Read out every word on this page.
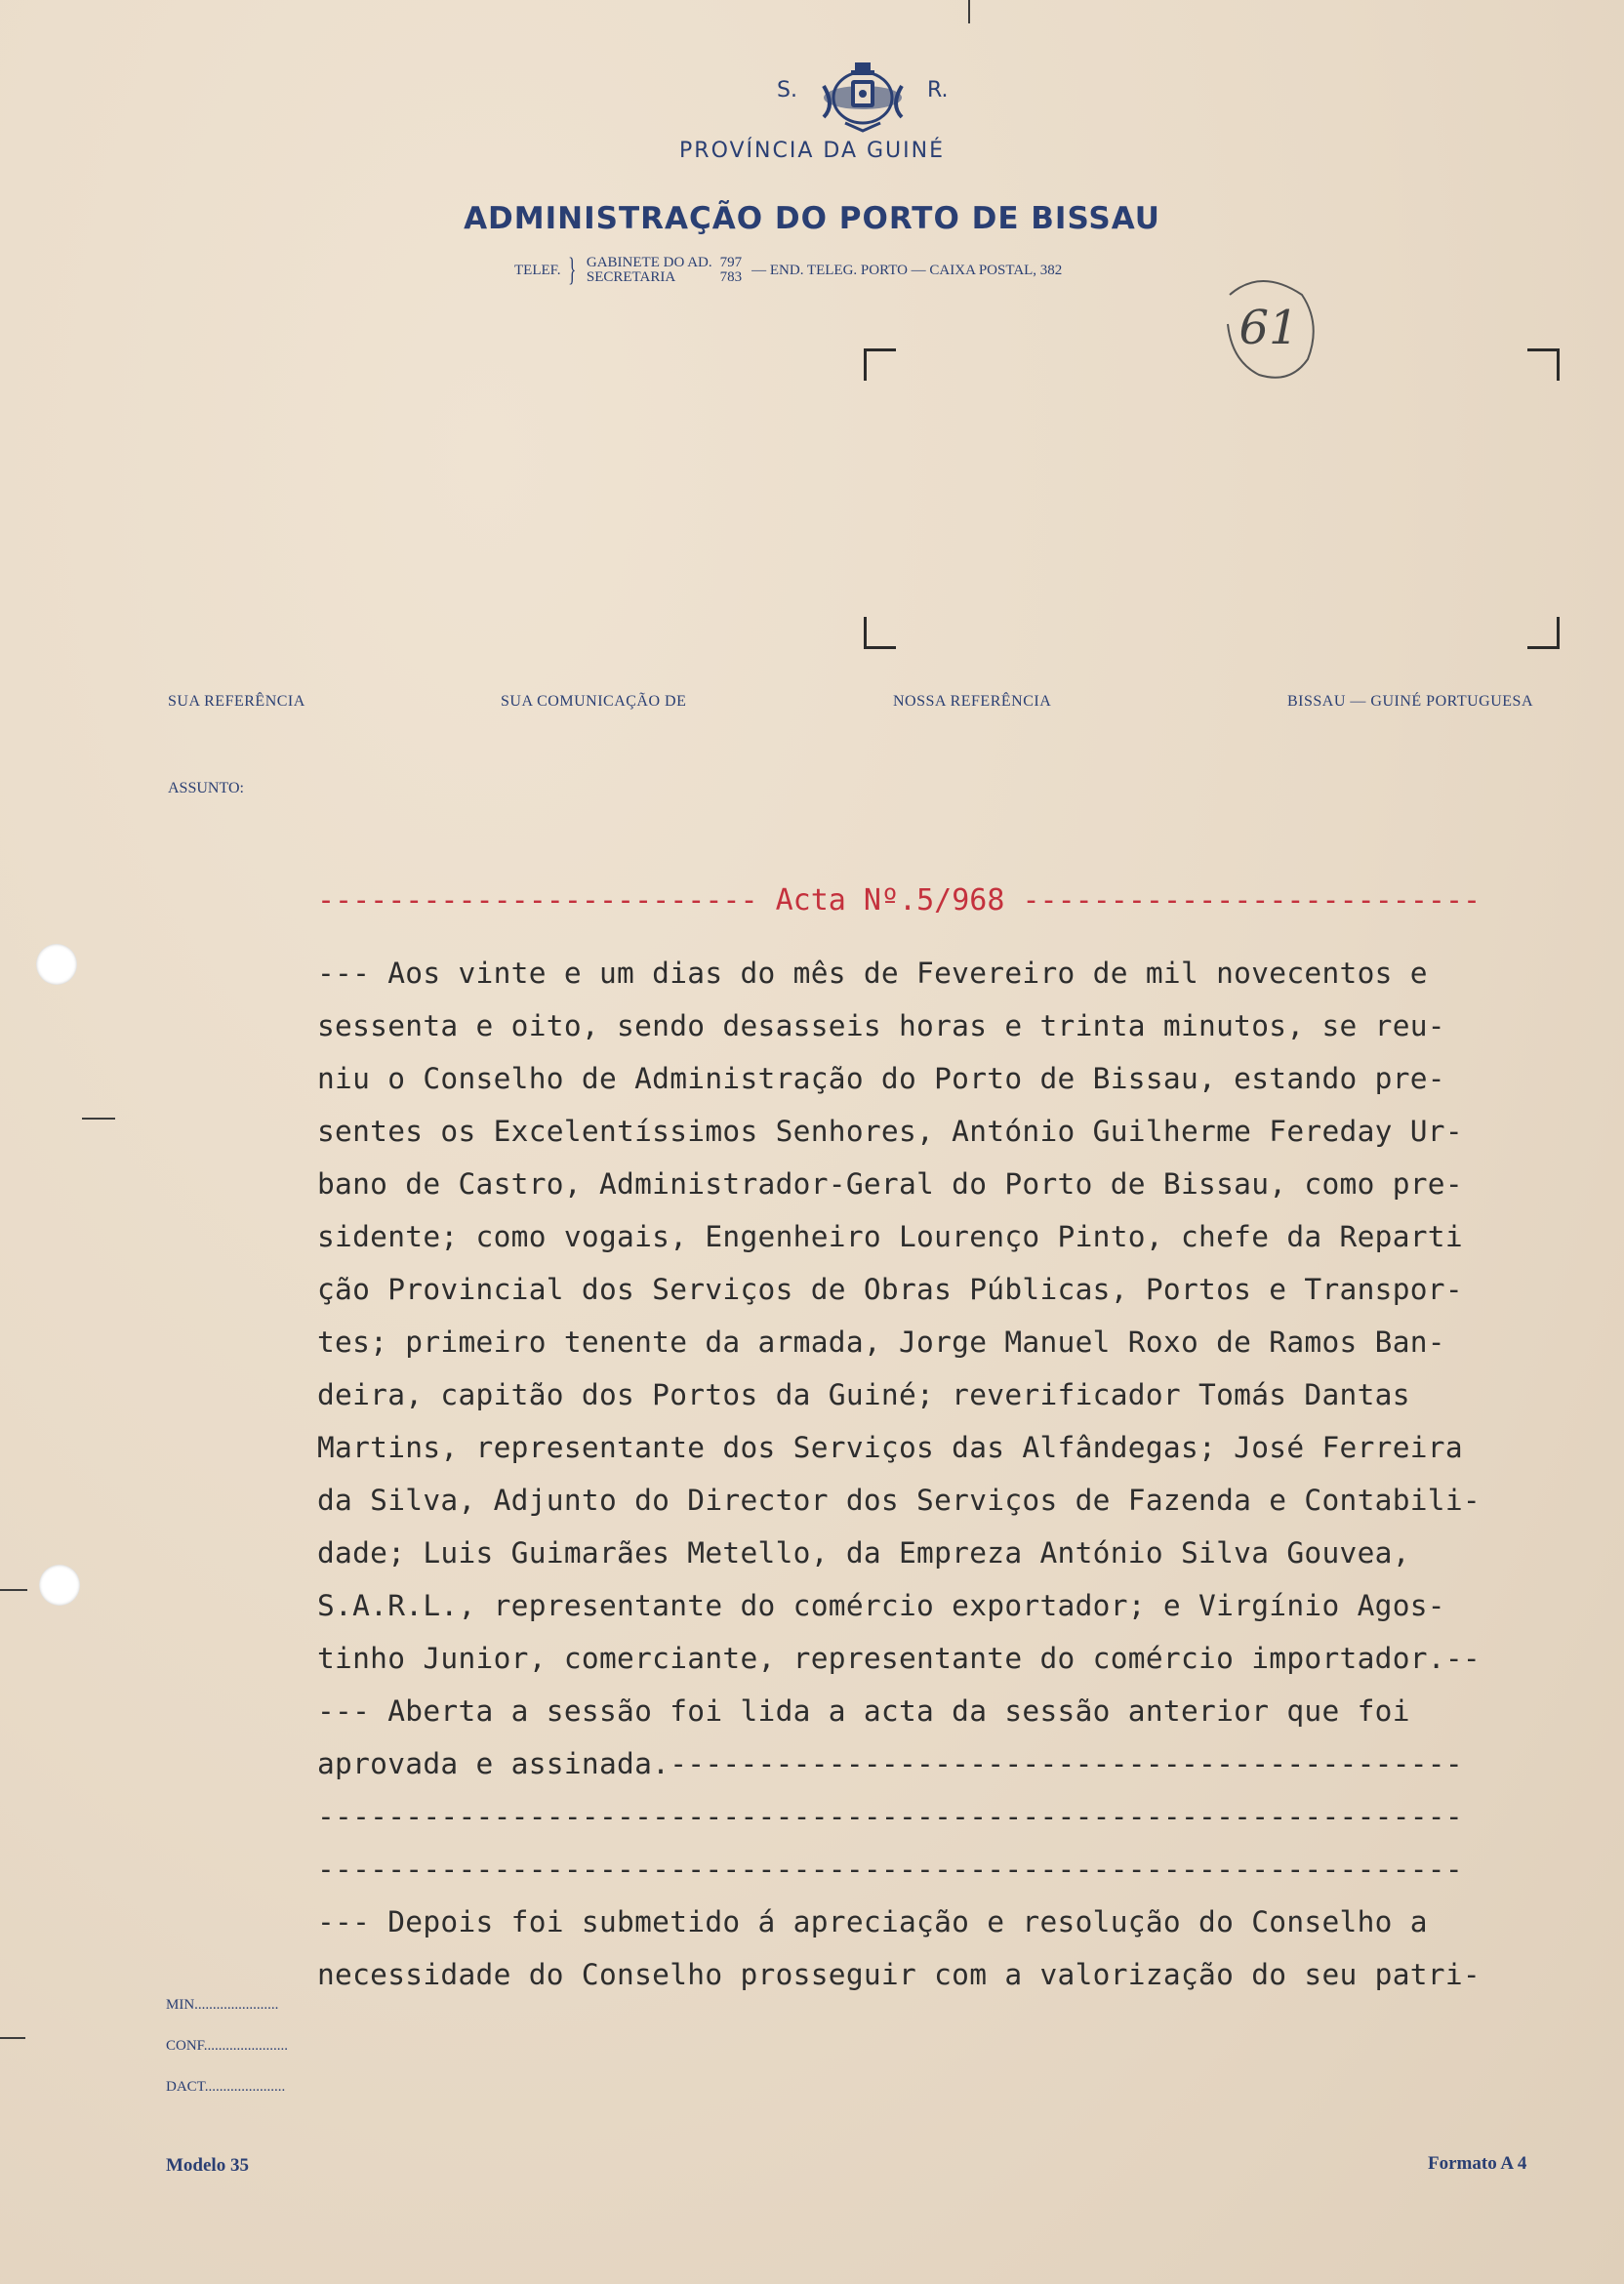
S.	R.
PROVÍNCIA DA GUINÉ
ADMINISTRAÇÃO DO PORTO DE BISSAU
TELEF. } GABINETE DO AD.
SECRETARIA
797
783 — END. TELEG. PORTO — CAIXA POSTAL, 382
61
SUA REFERÊNCIA	SUA COMUNICAÇÃO DE	NOSSA REFERÊNCIA	BISSAU — GUINÉ PORTUGUESA
ASSUNTO:
------------------------- Acta Nº.5/968 --------------------------
--- Aos vinte e um dias do mês de Fevereiro de mil novecentos e
sessenta e oito, sendo desasseis horas e trinta minutos, se reu-
niu o Conselho de Administração do Porto de Bissau, estando pre-
sentes os Excelentíssimos Senhores, António Guilherme Fereday Ur-
bano de Castro, Administrador-Geral do Porto de Bissau, como pre-
sidente; como vogais, Engenheiro Lourenço Pinto, chefe da Reparti
ção Provincial dos Serviços de Obras Públicas, Portos e Transpor-
tes; primeiro tenente da armada, Jorge Manuel Roxo de Ramos Ban-
deira, capitão dos Portos da Guiné; reverificador Tomás Dantas
Martins, representante dos Serviços das Alfândegas; José Ferreira
da Silva, Adjunto do Director dos Serviços de Fazenda e Contabili-
dade; Luis Guimarães Metello, da Empreza António Silva Gouvea,
S.A.R.L., representante do comércio exportador; e Virgínio Agos-
tinho Junior, comerciante, representante do comércio importador.--
--- Aberta a sessão foi lida a acta da sessão anterior que foi
aprovada e assinada.---------------------------------------------
-----------------------------------------------------------------
-----------------------------------------------------------------
--- Depois foi submetido á apreciação e resolução do Conselho a
necessidade do Conselho prosseguir com a valorização do seu patri-
MIN.......................
CONF.......................
DACT......................
Modelo 35	Formato A 4
